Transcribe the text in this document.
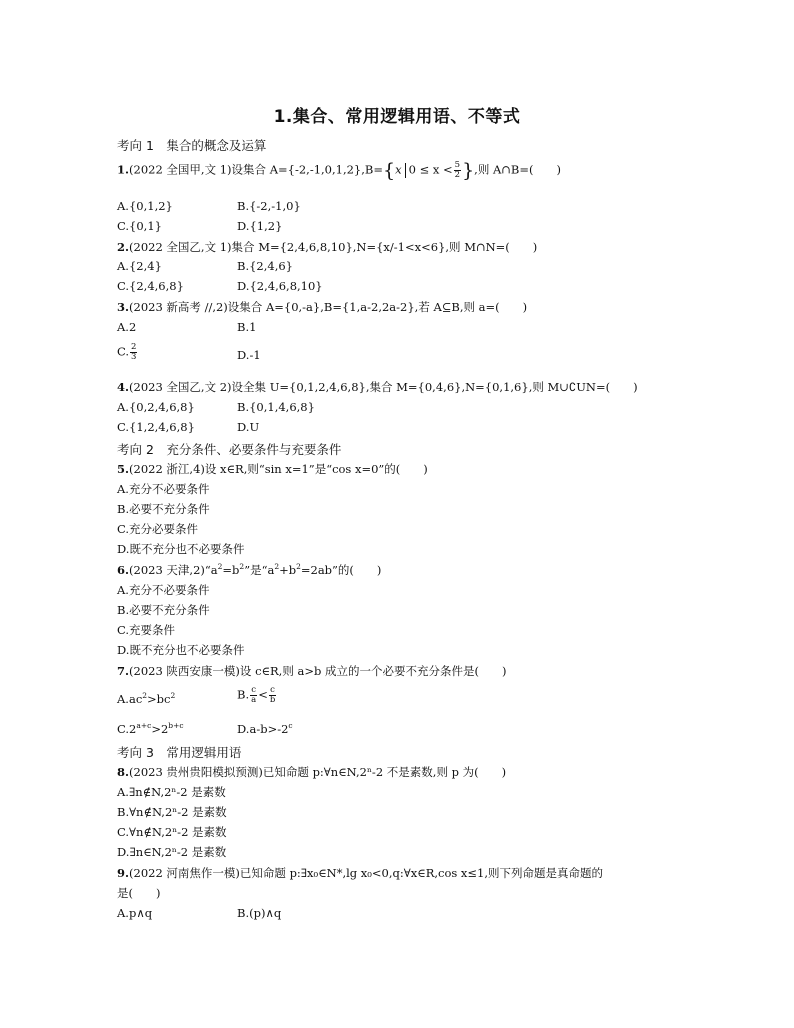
1.集合、常用逻辑用语、不等式
考向 1　集合的概念及运算
1.(2022 全国甲,文 1)设集合 A={-2,-1,0,1,2},B={x $0 \le x < \frac{5}{2}$ },则 A∩B=(　　)
A.{0,1,2}	B.{-2,-1,0}
C.{0,1}	D.{1,2}
2.(2022 全国乙,文 1)集合 M={2,4,6,8,10},N={x/-1<x<6},则 M∩N=(　　)
A.{2,4}	B.{2,4,6}
C.{2,4,6,8}	D.{2,4,6,8,10}
3.(2023 新高考 //,2)设集合 A={0,-a},B={1,a-2,2a-2},若 A⊆B,则 a=(　　)
A.2	B.1
C. $\frac{2}{3}$	D.-1
4.(2023 全国乙,文 2)设全集 U={0,1,2,4,6,8},集合 M={0,4,6},N={0,1,6},则 M∪∁UN=(　　)
A.{0,2,4,6,8}	B.{0,1,4,6,8}
C.{1,2,4,6,8}	D.U
考向 2　充分条件、必要条件与充要条件
5.(2022 浙江,4)设 x∈R,则“sin x=1”是“cos x=0”的(　　)
A.充分不必要条件
B.必要不充分条件
C.充分必要条件
D.既不充分也不必要条件
6.(2023 天津$,2)“a^2=b^2$”是“$a^2+b^2=2ab$”的(　　)
A.充分不必要条件
B.必要不充分条件
C.充要条件
D.既不充分也不必要条件
7.(2023 陕西安康一模)设 c∈R,则 a>b 成立的一个必要不充分条件是(　　)
$A.ac^2>bc^2$	B. $\frac{c}{a} < \frac{c}{b}$
$C.2^{a+c}>2^{b+c}$	$D.a-b>-2^c$
考向 3　常用逻辑用语
8.(2023 贵州贵阳模拟预测)已知命题 p:∀n∈N,2ⁿ-2 不是素数,则 p 为(　　)
A.∃n∉N,2ⁿ-2 是素数
B.∀n∉N,2ⁿ-2 是素数
C.∀n∉N,2ⁿ-2 是素数
D.∃n∈N,2ⁿ-2 是素数
9.(2022 河南焦作一模)已知命题 p:∃x₀∈N*,lg x₀<0,q:∀x∈R,cos x≤1,则下列命题是真命题的
是(　　)
A.p∧q	B.(p)∧q
